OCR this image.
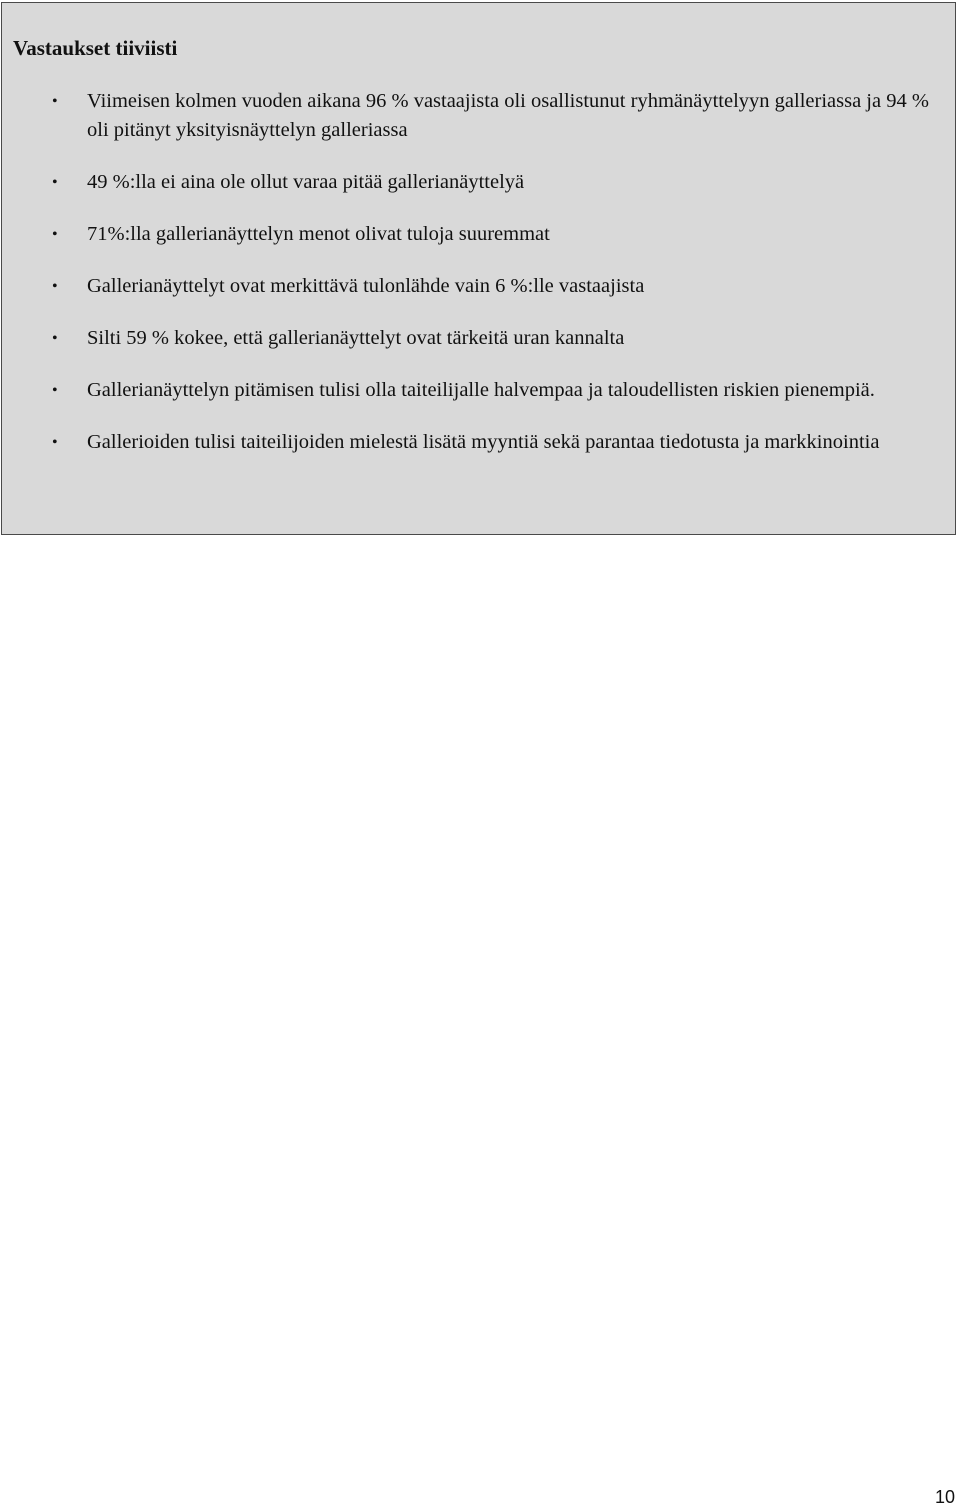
Vastaukset tiiviisti
• Viimeisen kolmen vuoden aikana 96 % vastaajista oli osallistunut ryhmänäyttelyyn galleriassa ja 94 % oli pitänyt yksityisnäyttelyn galleriassa
• 49 %:lla ei aina ole ollut varaa pitää gallerianäyttelyä
• 71%:lla gallerianäyttelyn menot olivat tuloja suuremmat
• Gallerianäyttelyt ovat merkittävä tulonlähde vain 6 %:lle vastaajista
• Silti 59 % kokee, että gallerianäyttelyt ovat tärkeitä uran kannalta
• Gallerianäyttelyn pitämisen tulisi olla taiteilijalle halvempaa ja taloudellisten riskien pienempiä.
• Gallerioiden tulisi taiteilijoiden mielestä lisätä myyntiä sekä parantaa tiedotusta ja markkinointia
10
